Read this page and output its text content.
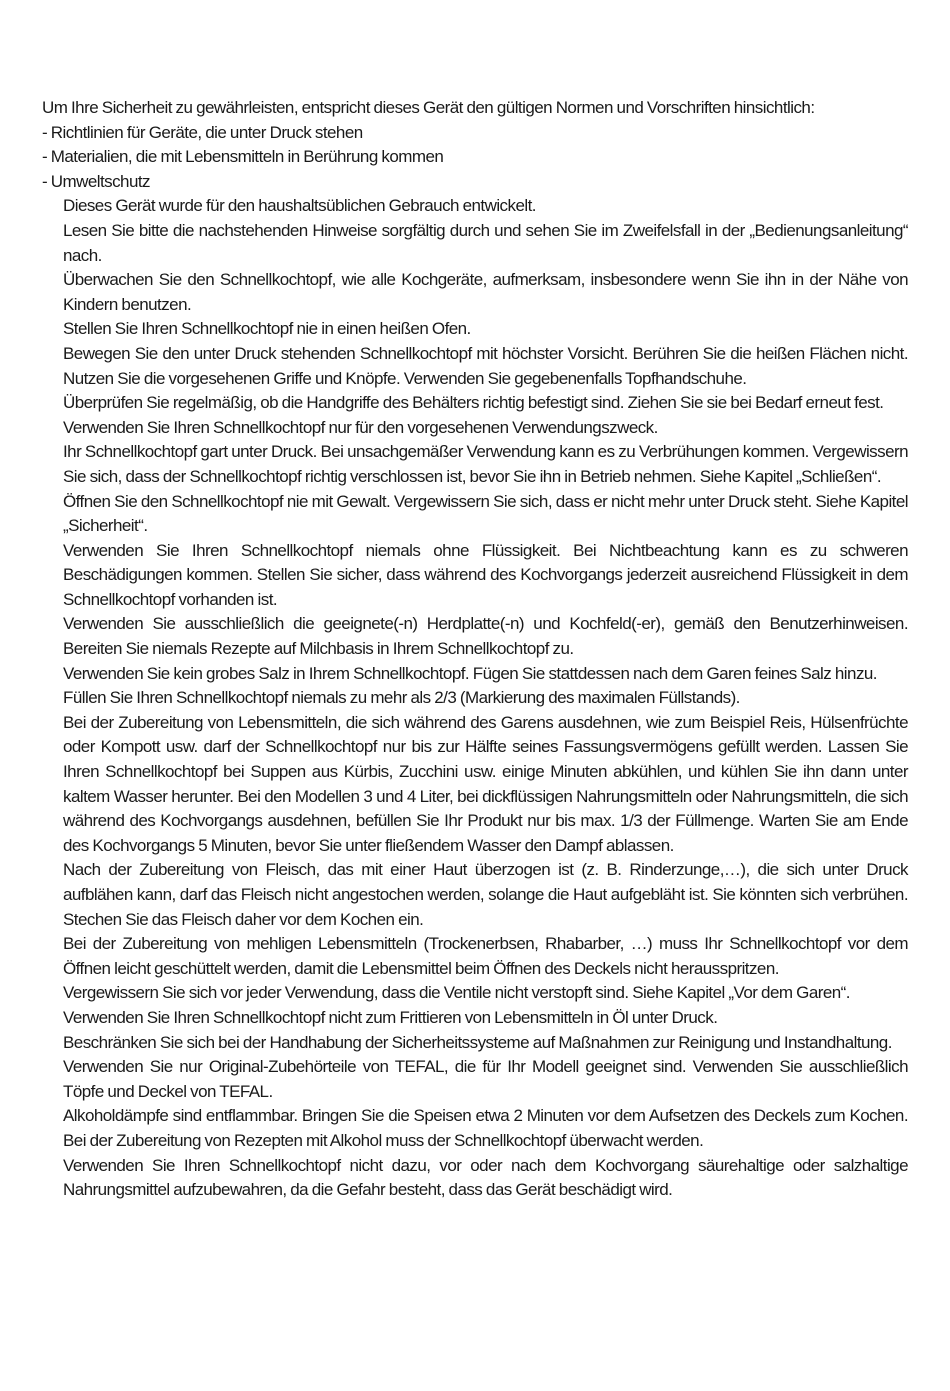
Um Ihre Sicherheit zu gewährleisten, entspricht dieses Gerät den gültigen Normen und Vorschriften hinsichtlich:

- Richtlinien für Geräte, die unter Druck stehen

- Materialien, die mit Lebensmitteln in Berührung kommen

- Umweltschutz

Dieses Gerät wurde für den haushaltsüblichen Gebrauch entwickelt.

Lesen Sie bitte die nachstehenden Hinweise sorgfältig durch und sehen Sie im Zweifelsfall in der „Bedienungsanleitung“ nach.

Überwachen Sie den Schnellkochtopf, wie alle Kochgeräte, aufmerksam, insbesondere wenn Sie ihn in der Nähe von Kindern benutzen.

Stellen Sie Ihren Schnellkochtopf nie in einen heißen Ofen.

Bewegen Sie den unter Druck stehenden Schnellkochtopf mit höchster Vorsicht. Berühren Sie die heißen Flächen nicht. Nutzen Sie die vorgesehenen Griffe und Knöpfe. Verwenden Sie gegebenenfalls Topfhandschuhe.

Überprüfen Sie regelmäßig, ob die Handgriffe des Behälters richtig befestigt sind. Ziehen Sie sie bei Bedarf erneut fest.

Verwenden Sie Ihren Schnellkochtopf nur für den vorgesehenen Verwendungszweck.

Ihr Schnellkochtopf gart unter Druck. Bei unsachgemäßer Verwendung kann es zu Verbrühungen kommen. Vergewissern Sie sich, dass der Schnellkochtopf richtig verschlossen ist, bevor Sie ihn in Betrieb nehmen. Siehe Kapitel „Schließen“.

Öffnen Sie den Schnellkochtopf nie mit Gewalt. Vergewissern Sie sich, dass er nicht mehr unter Druck steht. Siehe Kapitel „Sicherheit“.

Verwenden Sie Ihren Schnellkochtopf niemals ohne Flüssigkeit. Bei Nichtbeachtung kann es zu schweren Beschädigungen kommen. Stellen Sie sicher, dass während des Kochvorgangs jederzeit ausreichend Flüssigkeit in dem Schnellkochtopf vorhanden ist.

Verwenden Sie ausschließlich die geeignete(-n) Herdplatte(-n) und Kochfeld(-er), gemäß den Benutzerhinweisen. Bereiten Sie niemals Rezepte auf Milchbasis in Ihrem Schnellkochtopf zu.

Verwenden Sie kein grobes Salz in Ihrem Schnellkochtopf. Fügen Sie stattdessen nach dem Garen feines Salz hinzu.

Füllen Sie Ihren Schnellkochtopf niemals zu mehr als 2/3 (Markierung des maximalen Füllstands).

Bei der Zubereitung von Lebensmitteln, die sich während des Garens ausdehnen, wie zum Beispiel Reis, Hülsenfrüchte oder Kompott usw. darf der Schnellkochtopf nur bis zur Hälfte seines Fassungsvermögens gefüllt werden. Lassen Sie Ihren Schnellkochtopf bei Suppen aus Kürbis, Zucchini usw. einige Minuten abkühlen, und kühlen Sie ihn dann unter kaltem Wasser herunter. Bei den Modellen 3 und 4 Liter, bei dickflüssigen Nahrungsmitteln oder Nahrungsmitteln, die sich während des Kochvorgangs ausdehnen, befüllen Sie Ihr Produkt nur bis max. 1/3 der Füllmenge. Warten Sie am Ende des Kochvorgangs 5 Minuten, bevor Sie unter fließendem Wasser den Dampf ablassen.

Nach der Zubereitung von Fleisch, das mit einer Haut überzogen ist (z. B. Rinderzunge,…), die sich unter Druck aufblähen kann, darf das Fleisch nicht angestochen werden, solange die Haut aufgebläht ist. Sie könnten sich verbrühen. Stechen Sie das Fleisch daher vor dem Kochen ein.

Bei der Zubereitung von mehligen Lebensmitteln (Trockenerbsen, Rhabarber, …) muss Ihr Schnellkochtopf vor dem Öffnen leicht geschüttelt werden, damit die Lebensmittel beim Öffnen des Deckels nicht herausspritzen.

Vergewissern Sie sich vor jeder Verwendung, dass die Ventile nicht verstopft sind. Siehe Kapitel „Vor dem Garen“.

Verwenden Sie Ihren Schnellkochtopf nicht zum Frittieren von Lebensmitteln in Öl unter Druck.

Beschränken Sie sich bei der Handhabung der Sicherheitssysteme auf Maßnahmen zur Reinigung und Instandhaltung.

Verwenden Sie nur Original-Zubehörteile von TEFAL, die für Ihr Modell geeignet sind. Verwenden Sie ausschließlich Töpfe und Deckel von TEFAL.

Alkoholdämpfe sind entflammbar. Bringen Sie die Speisen etwa 2 Minuten vor dem Aufsetzen des Deckels zum Kochen. Bei der Zubereitung von Rezepten mit Alkohol muss der Schnellkochtopf überwacht werden.

Verwenden Sie Ihren Schnellkochtopf nicht dazu, vor oder nach dem Kochvorgang säurehaltige oder salzhaltige Nahrungsmittel aufzubewahren, da die Gefahr besteht, dass das Gerät beschädigt wird.
